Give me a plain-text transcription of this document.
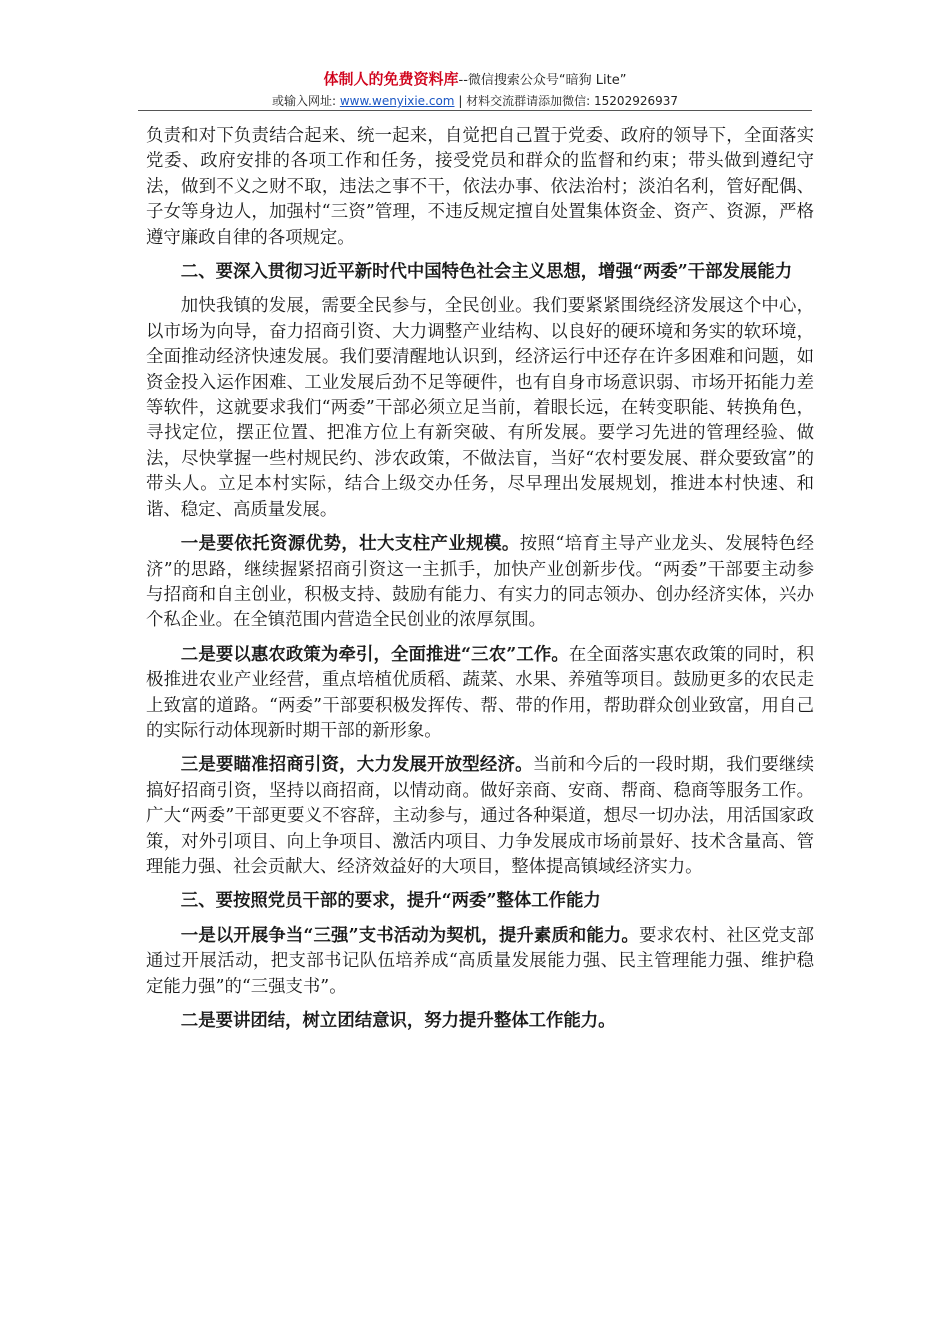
体制人的免费资料库--微信搜索公众号“暗狗 Lite”
或输入网址: www.wenyixie.com | 材料交流群请添加微信: 15202926937

负责和对下负责结合起来、统一起来，自觉把自己置于党委、政府的领导下，全面落实党委、政府安排的各项工作和任务，接受党员和群众的监督和约束；带头做到遵纪守法，做到不义之财不取，违法之事不干，依法办事、依法治村；淡泊名利，管好配偶、子女等身边人，加强村“三资”管理，不违反规定擅自处置集体资金、资产、资源，严格遵守廉政自律的各项规定。

二、要深入贯彻习近平新时代中国特色社会主义思想，增强“两委”干部发展能力

加快我镇的发展，需要全民参与，全民创业。我们要紧紧围绕经济发展这个中心，以市场为向导，奋力招商引资、大力调整产业结构、以良好的硬环境和务实的软环境，全面推动经济快速发展。我们要清醒地认识到，经济运行中还存在许多困难和问题，如资金投入运作困难、工业发展后劲不足等硬件，也有自身市场意识弱、市场开拓能力差等软件，这就要求我们“两委”干部必须立足当前，着眼长远，在转变职能、转换角色，寻找定位，摆正位置、把准方位上有新突破、有所发展。要学习先进的管理经验、做法，尽快掌握一些村规民约、涉农政策，不做法盲，当好“农村要发展、群众要致富”的带头人。立足本村实际，结合上级交办任务，尽早理出发展规划，推进本村快速、和谐、稳定、高质量发展。

一是要依托资源优势，壮大支柱产业规模。按照“培育主导产业龙头、发展特色经济”的思路，继续握紧招商引资这一主抓手，加快产业创新步伐。“两委”干部要主动参与招商和自主创业，积极支持、鼓励有能力、有实力的同志领办、创办经济实体，兴办个私企业。在全镇范围内营造全民创业的浓厚氛围。

二是要以惠农政策为牵引，全面推进“三农”工作。在全面落实惠农政策的同时，积极推进农业产业经营，重点培植优质稻、蔬菜、水果、养殖等项目。鼓励更多的农民走上致富的道路。“两委”干部要积极发挥传、帮、带的作用，帮助群众创业致富，用自己的实际行动体现新时期干部的新形象。

三是要瞄准招商引资，大力发展开放型经济。当前和今后的一段时期，我们要继续搞好招商引资，坚持以商招商，以情动商。做好亲商、安商、帮商、稳商等服务工作。广大“两委”干部更要义不容辞，主动参与，通过各种渠道，想尽一切办法，用活国家政策，对外引项目、向上争项目、激活内项目、力争发展成市场前景好、技术含量高、管理能力强、社会贡献大、经济效益好的大项目，整体提高镇域经济实力。

三、要按照党员干部的要求，提升“两委”整体工作能力

一是以开展争当“三强”支书活动为契机，提升素质和能力。要求农村、社区党支部通过开展活动，把支部书记队伍培养成“高质量发展能力强、民主管理能力强、维护稳定能力强”的“三强支书”。

二是要讲团结，树立团结意识，努力提升整体工作能力。
